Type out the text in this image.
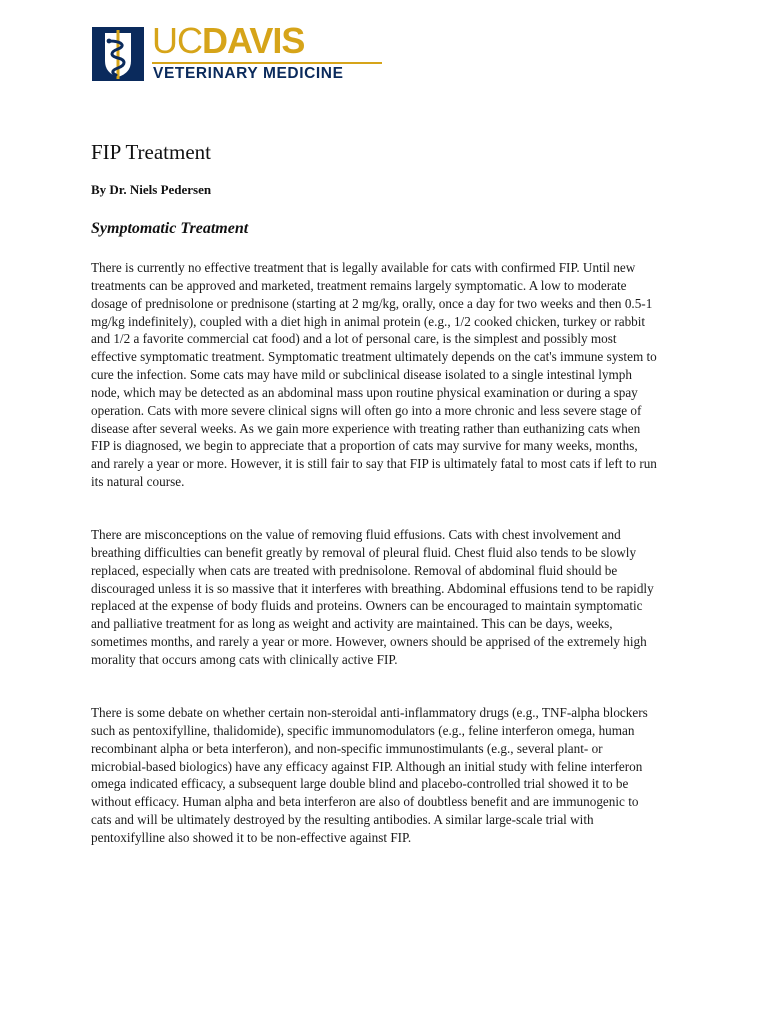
UCDAVIS
VETERINARY MEDICINE
FIP Treatment

By Dr. Niels Pedersen

Symptomatic Treatment

There is currently no effective treatment that is legally available for cats with confirmed FIP. Until new treatments can be approved and marketed, treatment remains largely symptomatic. A low to moderate dosage of prednisolone or prednisone (starting at 2 mg/kg, orally, once a day for two weeks and then 0.5-1 mg/kg indefinitely), coupled with a diet high in animal protein (e.g., 1/2 cooked chicken, turkey or rabbit and 1/2 a favorite commercial cat food) and a lot of personal care, is the simplest and possibly most effective symptomatic treatment. Symptomatic treatment ultimately depends on the cat's immune system to cure the infection. Some cats may have mild or subclinical disease isolated to a single intestinal lymph node, which may be detected as an abdominal mass upon routine physical examination or during a spay operation. Cats with more severe clinical signs will often go into a more chronic and less severe stage of disease after several weeks. As we gain more experience with treating rather than euthanizing cats when FIP is diagnosed, we begin to appreciate that a proportion of cats may survive for many weeks, months, and rarely a year or more. However, it is still fair to say that FIP is ultimately fatal to most cats if left to run its natural course.

There are misconceptions on the value of removing fluid effusions. Cats with chest involvement and breathing difficulties can benefit greatly by removal of pleural fluid. Chest fluid also tends to be slowly replaced, especially when cats are treated with prednisolone. Removal of abdominal fluid should be discouraged unless it is so massive that it interferes with breathing. Abdominal effusions tend to be rapidly replaced at the expense of body fluids and proteins. Owners can be encouraged to maintain symptomatic and palliative treatment for as long as weight and activity are maintained. This can be days, weeks, sometimes months, and rarely a year or more. However, owners should be apprised of the extremely high morality that occurs among cats with clinically active FIP.

There is some debate on whether certain non-steroidal anti-inflammatory drugs (e.g., TNF-alpha blockers such as pentoxifylline, thalidomide), specific immunomodulators (e.g., feline interferon omega, human recombinant alpha or beta interferon), and non-specific immunostimulants (e.g., several plant- or microbial-based biologics) have any efficacy against FIP. Although an initial study with feline interferon omega indicated efficacy, a subsequent large double blind and placebo-controlled trial showed it to be without efficacy. Human alpha and beta interferon are also of doubtless benefit and are immunogenic to cats and will be ultimately destroyed by the resulting antibodies. A similar large-scale trial with pentoxifylline also showed it to be non-effective against FIP.
